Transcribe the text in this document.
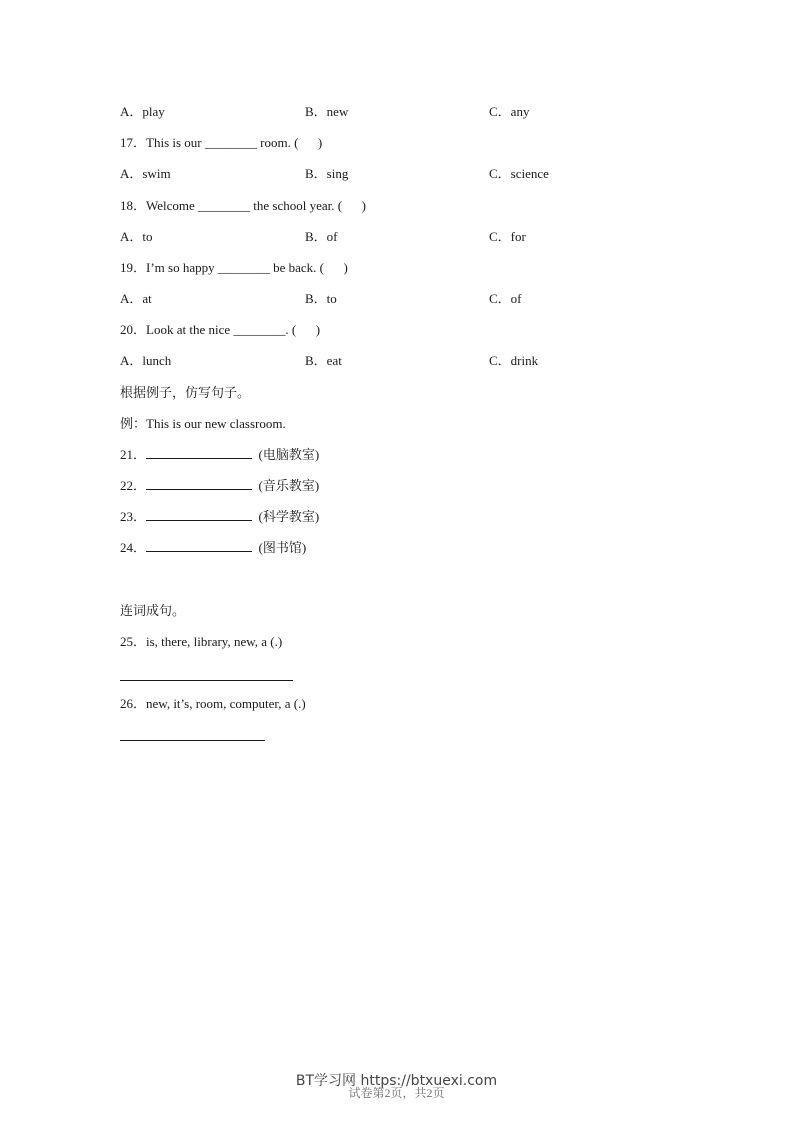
A．play	B．new	C．any
17．This is our ________ room. ( )
A．swim	B．sing	C．science
18．Welcome ________ the school year. ( )
A．to	B．of	C．for
19．I’m so happy ________ be back. ( )
A．at	B．to	C．of
20．Look at the nice ________. ( )
A．lunch	B．eat	C．drink
根据例子，仿写句子。
例：This is our new classroom.
21．	(电脑教室)
22．	(音乐教室)
23．	(科学教室)
24．	(图书馆)
连词成句。
25．is, there, library, new, a (.)
26．new, it’s, room, computer, a (.)
BT学习网 https://btxuexi.com
试卷第2页，共2页
